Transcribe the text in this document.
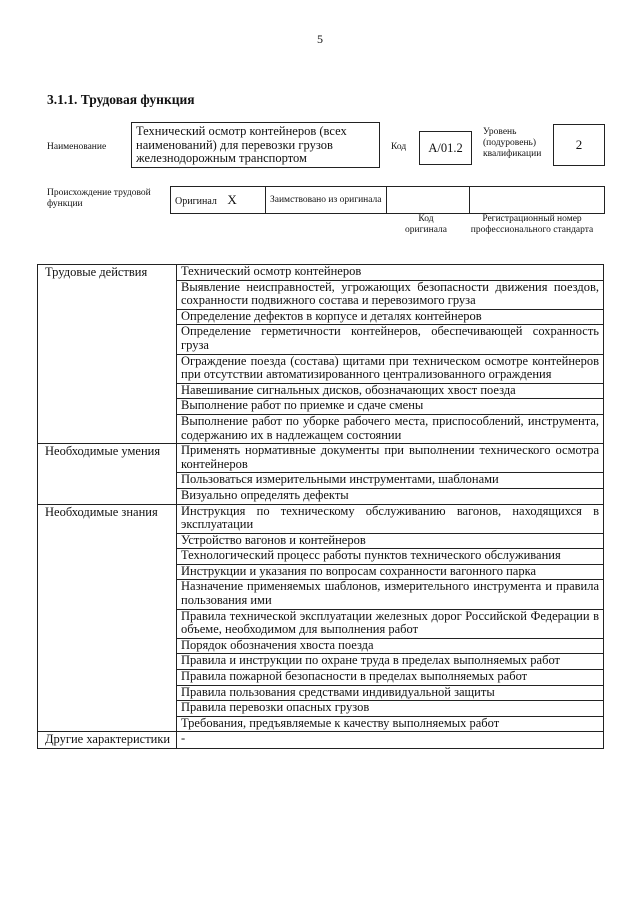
5
3.1.1. Трудовая функция
Наименование
Технический осмотр контейнеров (всех наименований) для перевозки грузов железнодорожным транспортом
Код	A/01.2
Уровень (подуровень) квалификации
2
Происхождение трудовой функции	Оригинал X	Заимствовано из оригинала		
Код оригинала
Регистрационный номер профессионального стандарта
Трудовые действия	Технический осмотр контейнеров
	Выявление неисправностей, угрожающих безопасности движения поездов, сохранности подвижного состава и перевозимого груза
	Определение дефектов в корпусе и деталях контейнеров
	Определение герметичности контейнеров, обеспечивающей сохранность груза
	Ограждение поезда (состава) щитами при техническом осмотре контейнеров при отсутствии автоматизированного централизованного ограждения
	Навешивание сигнальных дисков, обозначающих хвост поезда
	Выполнение работ по приемке и сдаче смены
	Выполнение работ по уборке рабочего места, приспособлений, инструмента, содержанию их в надлежащем состоянии
Необходимые умения	Применять нормативные документы при выполнении технического осмотра контейнеров
	Пользоваться измерительными инструментами, шаблонами
	Визуально определять дефекты
Необходимые знания	Инструкция по техническому обслуживанию вагонов, находящихся в эксплуатации
	Устройство вагонов и контейнеров
	Технологический процесс работы пунктов технического обслуживания
	Инструкции и указания по вопросам сохранности вагонного парка
	Назначение применяемых шаблонов, измерительного инструмента и правила пользования ими
	Правила технической эксплуатации железных дорог Российской Федерации в объеме, необходимом для выполнения работ
	Порядок обозначения хвоста поезда
	Правила и инструкции по охране труда в пределах выполняемых работ
	Правила пожарной безопасности в пределах выполняемых работ
	Правила пользования средствами индивидуальной защиты
	Правила перевозки опасных грузов
	Требования, предъявляемые к качеству выполняемых работ
Другие характеристики	-
